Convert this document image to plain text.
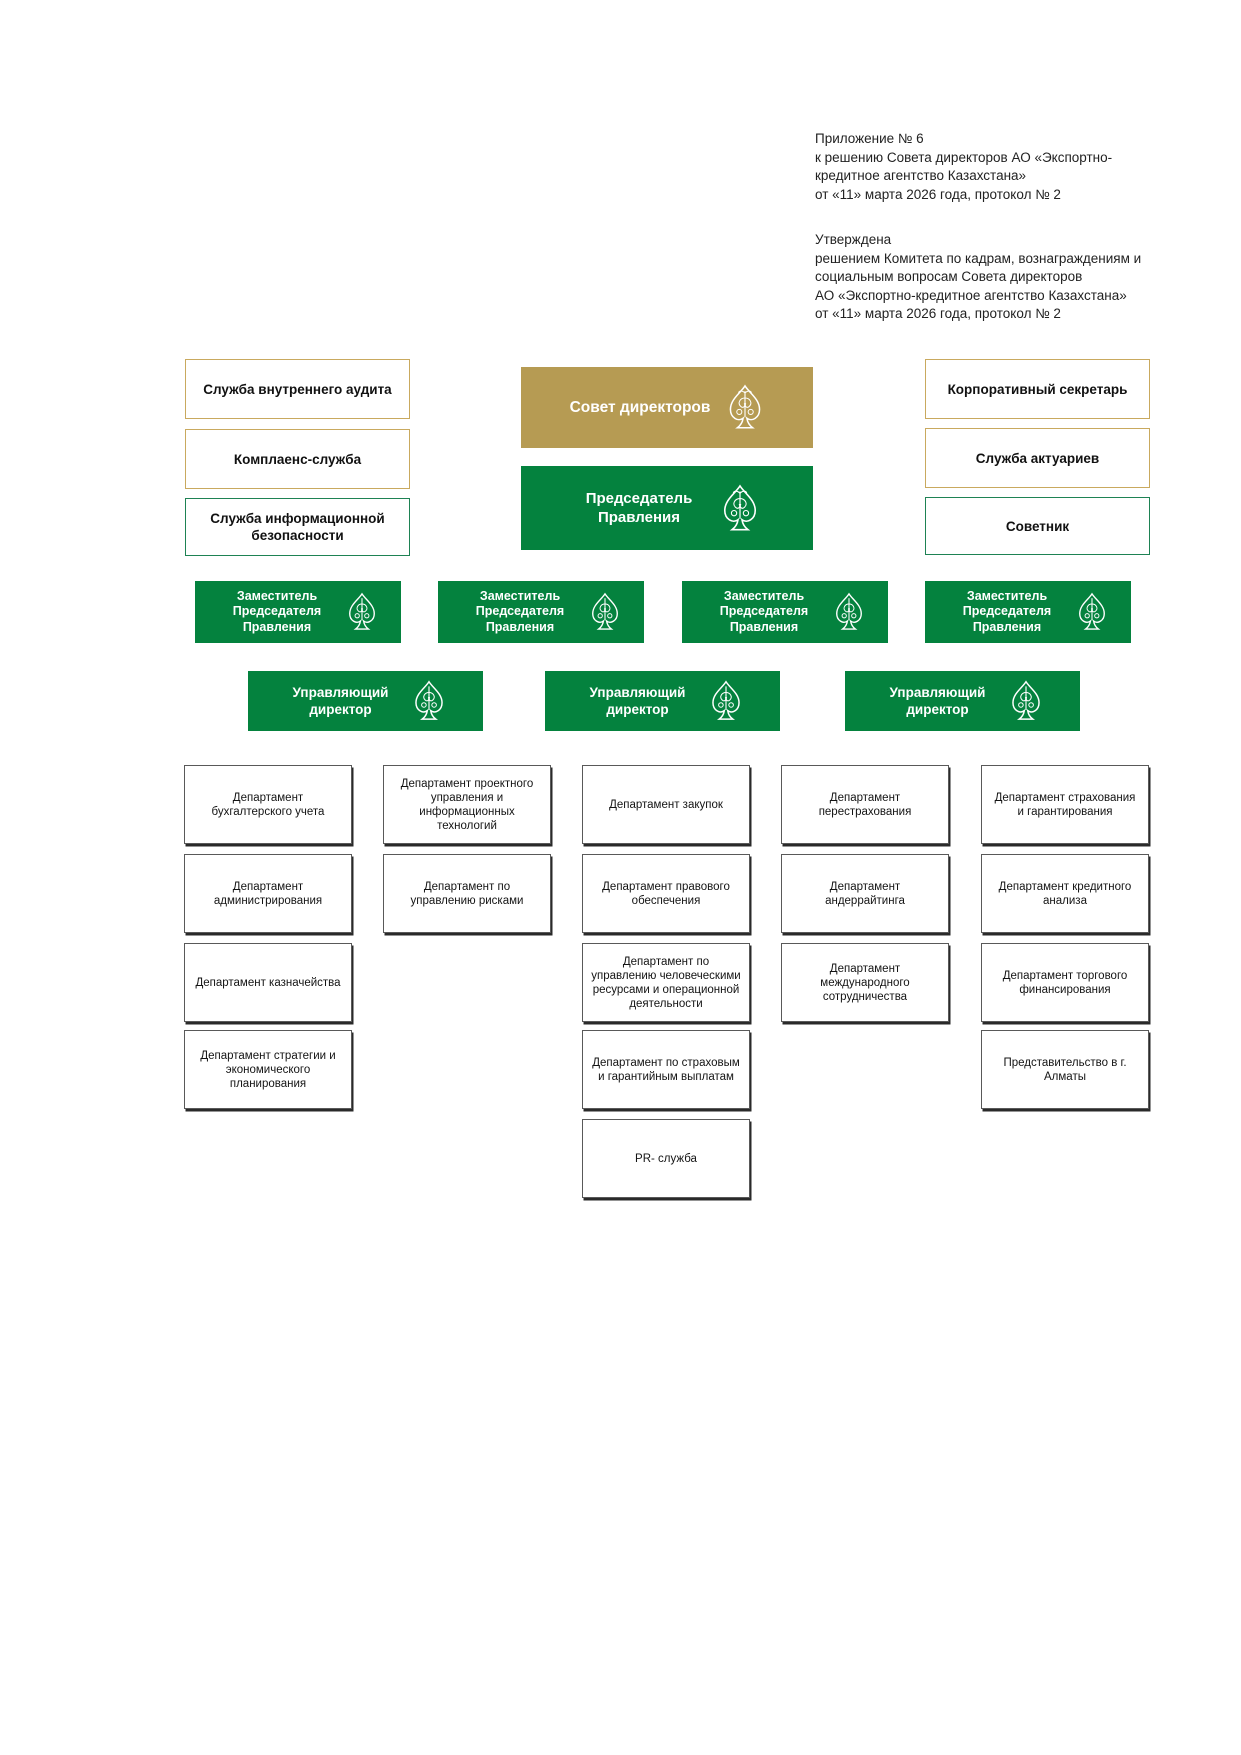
Приложение № 6
к решению Совета директоров АО «Экспортно-
кредитное агентство Казахстана»
от «11» марта 2026 года, протокол № 2
Утверждена
решением Комитета по кадрам, вознаграждениям и
социальным вопросам Совета директоров
АО «Экспортно-кредитное агентство Казахстана»
от «11» марта 2026 года, протокол № 2
Служба внутреннего аудита
Комплаенс-служба
Служба информационной безопасности
Корпоративный секретарь
Служба актуариев
Советник
Совет директоров
Председатель Правления
Заместитель Председателя Правления
Заместитель Председателя Правления
Заместитель Председателя Правления
Заместитель Председателя Правления
Управляющий директор
Управляющий директор
Управляющий директор
Департамент бухгалтерского учета
Департамент администрирования
Департамент казначейства
Департамент стратегии и экономического планирования
Департамент проектного управления и информационных технологий
Департамент по управлению рисками
Департамент закупок
Департамент правового обеспечения
Департамент по управлению человеческими ресурсами и операционной деятельности
Департамент по страховым и гарантийным выплатам
PR- служба
Департамент перестрахования
Департамент андеррайтинга
Департамент международного сотрудничества
Департамент страхования и гарантирования
Департамент кредитного анализа
Департамент торгового финансирования
Представительство в г. Алматы
